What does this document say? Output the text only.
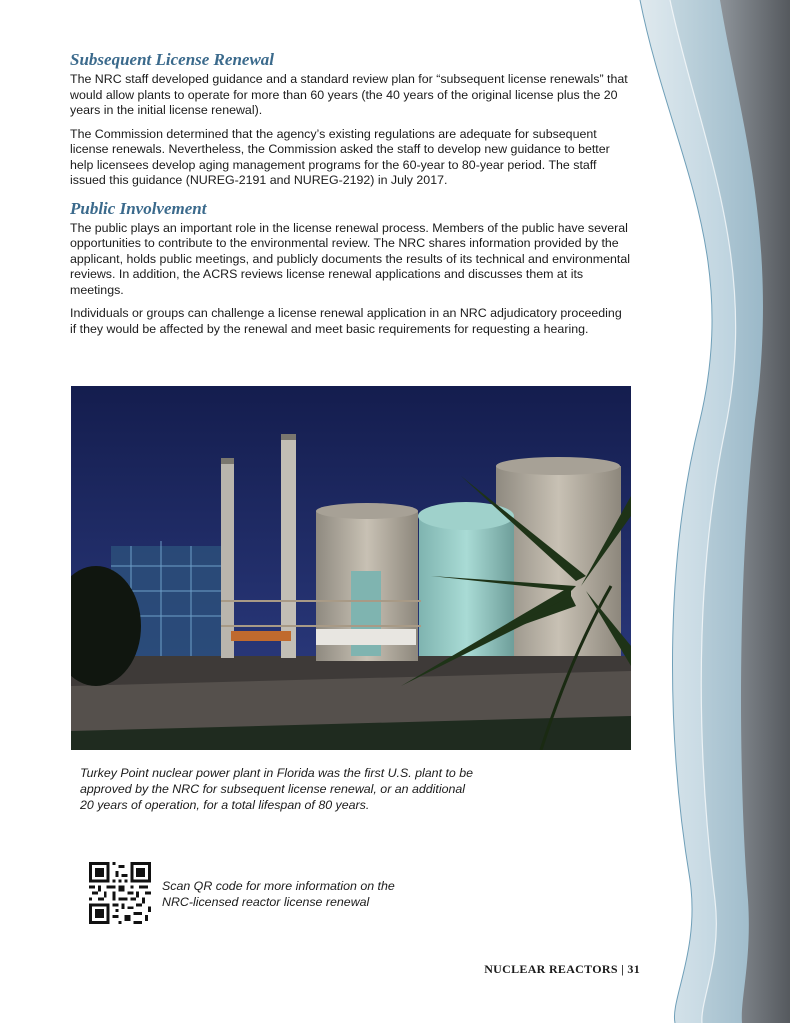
Subsequent License Renewal

The NRC staff developed guidance and a standard review plan for “subsequent license renewals” that would allow plants to operate for more than 60 years (the 40 years of the original license plus the 20 years in the initial license renewal).

The Commission determined that the agency’s existing regulations are adequate for subsequent license renewals. Nevertheless, the Commission asked the staff to develop new guidance to better help licensees develop aging management programs for the 60-year to 80-year period. The staff issued this guidance (NUREG-2191 and NUREG-2192) in July 2017.

Public Involvement

The public plays an important role in the license renewal process. Members of the public have several opportunities to contribute to the environmental review. The NRC shares information provided by the applicant, holds public meetings, and publicly documents the results of its technical and environmental reviews. In addition, the ACRS reviews license renewal applications and discusses them at its meetings.

Individuals or groups can challenge a license renewal application in an NRC adjudicatory proceeding if they would be affected by the renewal and meet basic requirements for requesting a hearing.

Turkey Point nuclear power plant in Florida was the first U.S. plant to be approved by the NRC for subsequent license renewal, or an additional 20 years of operation, for a total lifespan of 80 years.
Scan QR code for more information on the NRC-licensed reactor license renewal
NUCLEAR REACTORS | 31
